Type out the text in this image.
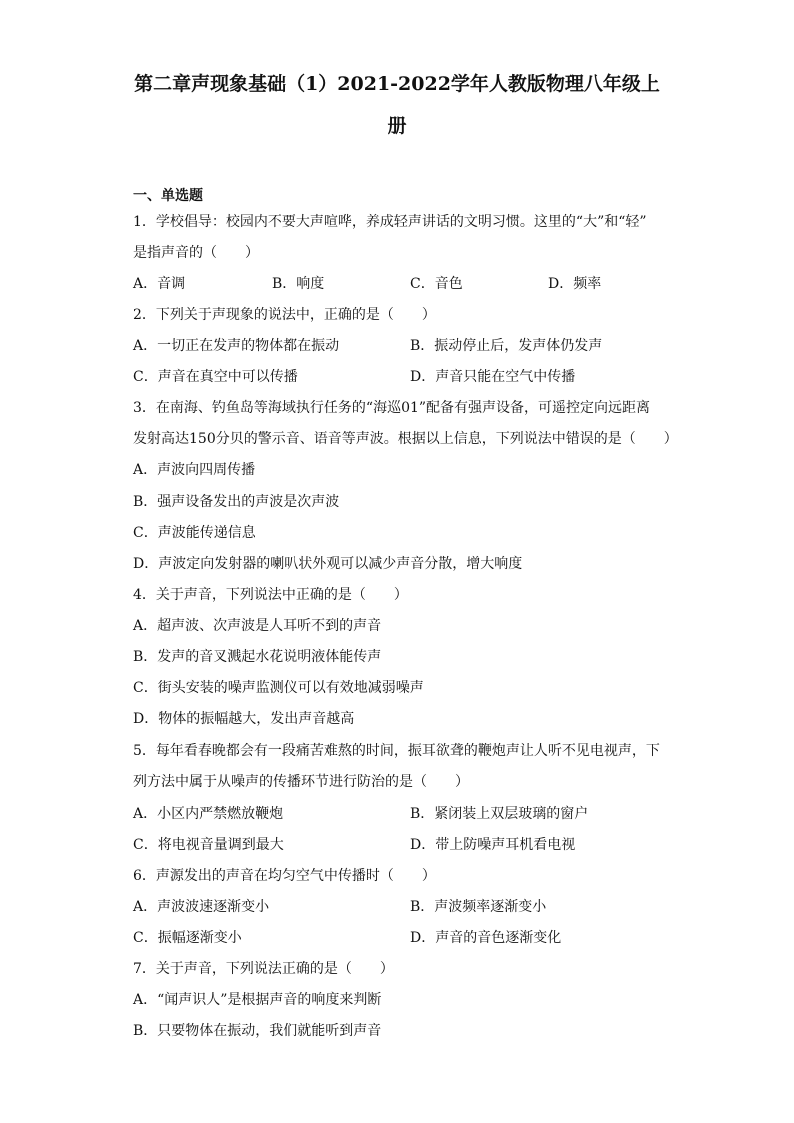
第二章声现象基础（1）2021-2022学年人教版物理八年级上
册
一、单选题
1．学校倡导：校园内不要大声喧哗，养成轻声讲话的文明习惯。这里的“大”和“轻”
是指声音的（　　）
A．音调	B．响度	C．音色	D．频率
2．下列关于声现象的说法中，正确的是（　　）
A．一切正在发声的物体都在振动	B．振动停止后，发声体仍发声
C．声音在真空中可以传播	D．声音只能在空气中传播
3．在南海、钓鱼岛等海域执行任务的“海巡01”配备有强声设备，可遥控定向远距离
发射高达150分贝的警示音、语音等声波。根据以上信息，下列说法中错误的是（　　）
A．声波向四周传播
B．强声设备发出的声波是次声波
C．声波能传递信息
D．声波定向发射器的喇叭状外观可以减少声音分散，增大响度
4．关于声音，下列说法中正确的是（　　）
A．超声波、次声波是人耳听不到的声音
B．发声的音叉溅起水花说明液体能传声
C．街头安装的噪声监测仪可以有效地减弱噪声
D．物体的振幅越大，发出声音越高
5．每年看春晚都会有一段痛苦难熬的时间，振耳欲聋的鞭炮声让人听不见电视声，下
列方法中属于从噪声的传播环节进行防治的是（　　）
A．小区内严禁燃放鞭炮	B．紧闭装上双层玻璃的窗户
C．将电视音量调到最大	D．带上防噪声耳机看电视
6．声源发出的声音在均匀空气中传播时（　　）
A．声波波速逐渐变小	B．声波频率逐渐变小
C．振幅逐渐变小	D．声音的音色逐渐变化
7．关于声音，下列说法正确的是（　　）
A．“闻声识人”是根据声音的响度来判断
B．只要物体在振动，我们就能听到声音
